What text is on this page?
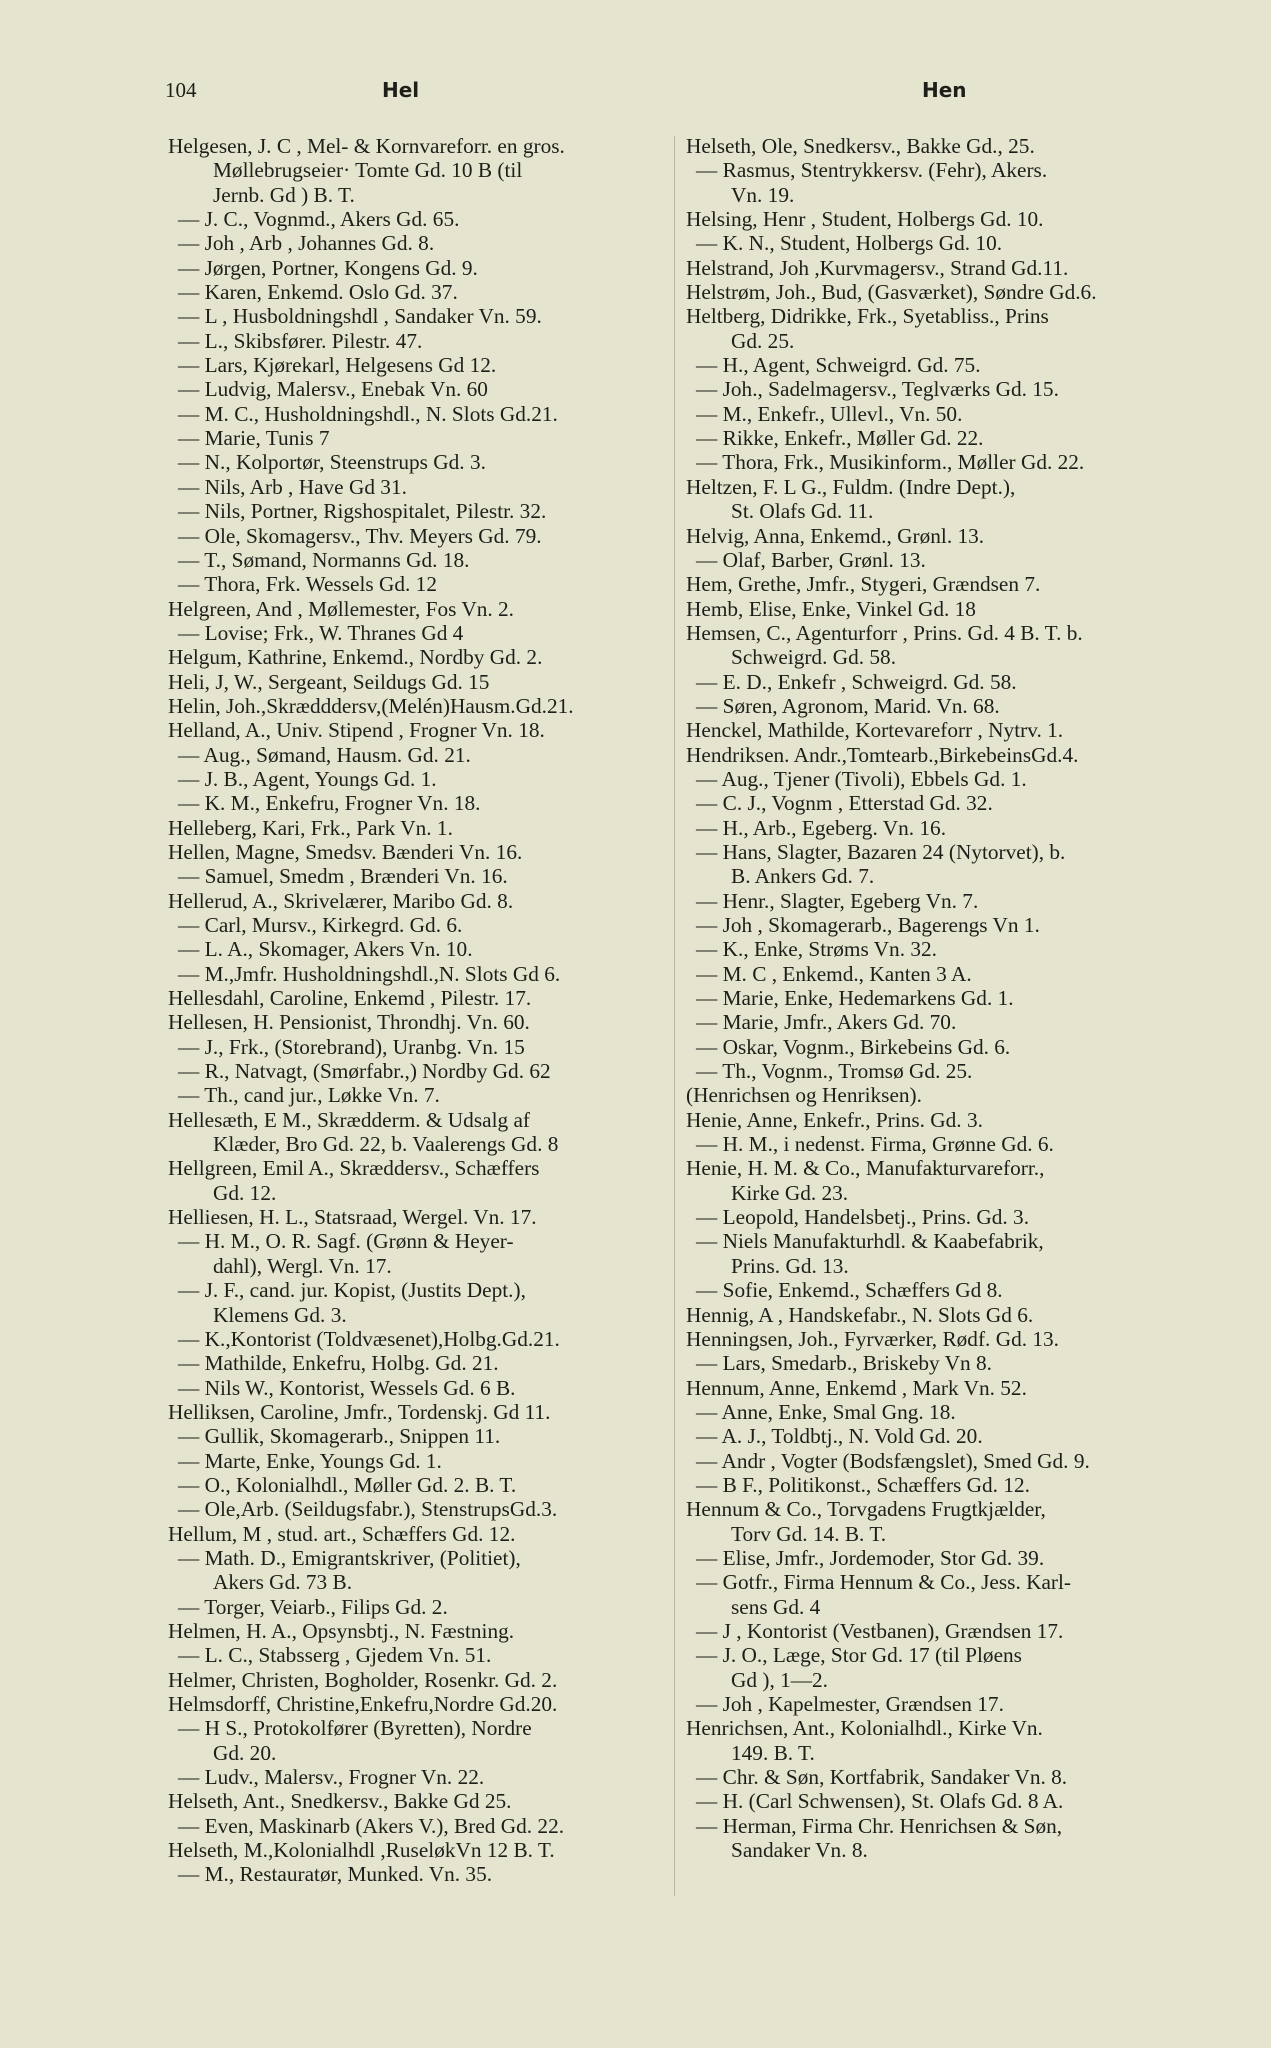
104	Hel	Hen
Helgesen, J. C , Mel- & Kornvareforr. en gros.
Møllebrugseier· Tomte Gd. 10 B (til
Jernb. Gd ) B. T.
— J. C., Vognmd., Akers Gd. 65.
— Joh , Arb , Johannes Gd. 8.
— Jørgen, Portner, Kongens Gd. 9.
— Karen, Enkemd. Oslo Gd. 37.
— L , Husboldningshdl , Sandaker Vn. 59.
— L., Skibsfører. Pilestr. 47.
— Lars, Kjørekarl, Helgesens Gd 12.
— Ludvig, Malersv., Enebak Vn. 60
— M. C., Husholdningshdl., N. Slots Gd.21.
— Marie, Tunis 7
— N., Kolportør, Steenstrups Gd. 3.
— Nils, Arb , Have Gd 31.
— Nils, Portner, Rigshospitalet, Pilestr. 32.
— Ole, Skomagersv., Thv. Meyers Gd. 79.
— T., Sømand, Normanns Gd. 18.
— Thora, Frk. Wessels Gd. 12
Helgreen, And , Møllemester, Fos Vn. 2.
— Lovise; Frk., W. Thranes Gd 4
Helgum, Kathrine, Enkemd., Nordby Gd. 2.
Heli, J, W., Sergeant, Seildugs Gd. 15
Helin, Joh.,Skrædddersv,(Melén)Hausm.Gd.21.
Helland, A., Univ. Stipend , Frogner Vn. 18.
— Aug., Sømand, Hausm. Gd. 21.
— J. B., Agent, Youngs Gd. 1.
— K. M., Enkefru, Frogner Vn. 18.
Helleberg, Kari, Frk., Park Vn. 1.
Hellen, Magne, Smedsv. Bænderi Vn. 16.
— Samuel, Smedm , Brænderi Vn. 16.
Hellerud, A., Skrivelærer, Maribo Gd. 8.
— Carl, Mursv., Kirkegrd. Gd. 6.
— L. A., Skomager, Akers Vn. 10.
— M.,Jmfr. Husholdningshdl.,N. Slots Gd 6.
Hellesdahl, Caroline, Enkemd , Pilestr. 17.
Hellesen, H. Pensionist, Throndhj. Vn. 60.
— J., Frk., (Storebrand), Uranbg. Vn. 15
— R., Natvagt, (Smørfabr.,) Nordby Gd. 62
— Th., cand jur., Løkke Vn. 7.
Hellesæth, E M., Skrædderm. & Udsalg af
Klæder, Bro Gd. 22, b. Vaalerengs Gd. 8
Hellgreen, Emil A., Skræddersv., Schæffers
Gd. 12.
Helliesen, H. L., Statsraad, Wergel. Vn. 17.
— H. M., O. R. Sagf. (Grønn & Heyer-
dahl), Wergl. Vn. 17.
— J. F., cand. jur. Kopist, (Justits Dept.),
Klemens Gd. 3.
— K.,Kontorist (Toldvæsenet),Holbg.Gd.21.
— Mathilde, Enkefru, Holbg. Gd. 21.
— Nils W., Kontorist, Wessels Gd. 6 B.
Helliksen, Caroline, Jmfr., Tordenskj. Gd 11.
— Gullik, Skomagerarb., Snippen 11.
— Marte, Enke, Youngs Gd. 1.
— O., Kolonialhdl., Møller Gd. 2. B. T.
— Ole,Arb. (Seildugsfabr.), StenstrupsGd.3.
Hellum, M , stud. art., Schæffers Gd. 12.
— Math. D., Emigrantskriver, (Politiet),
Akers Gd. 73 B.
— Torger, Veiarb., Filips Gd. 2.
Helmen, H. A., Opsynsbtj., N. Fæstning.
— L. C., Stabsserg , Gjedem Vn. 51.
Helmer, Christen, Bogholder, Rosenkr. Gd. 2.
Helmsdorff, Christine,Enkefru,Nordre Gd.20.
— H S., Protokolfører (Byretten), Nordre
Gd. 20.
— Ludv., Malersv., Frogner Vn. 22.
Helseth, Ant., Snedkersv., Bakke Gd 25.
— Even, Maskinarb (Akers V.), Bred Gd. 22.
Helseth, M.,Kolonialhdl ,RuseløkVn 12 B. T.
— M., Restauratør, Munked. Vn. 35.
Helseth, Ole, Snedkersv., Bakke Gd., 25.
— Rasmus, Stentrykkersv. (Fehr), Akers.
Vn. 19.
Helsing, Henr , Student, Holbergs Gd. 10.
— K. N., Student, Holbergs Gd. 10.
Helstrand, Joh ,Kurvmagersv., Strand Gd.11.
Helstrøm, Joh., Bud, (Gasværket), Søndre Gd.6.
Heltberg, Didrikke, Frk., Syetabliss., Prins
Gd. 25.
— H., Agent, Schweigrd. Gd. 75.
— Joh., Sadelmagersv., Teglværks Gd. 15.
— M., Enkefr., Ullevl., Vn. 50.
— Rikke, Enkefr., Møller Gd. 22.
— Thora, Frk., Musikinform., Møller Gd. 22.
Heltzen, F. L G., Fuldm. (Indre Dept.),
St. Olafs Gd. 11.
Helvig, Anna, Enkemd., Grønl. 13.
— Olaf, Barber, Grønl. 13.
Hem, Grethe, Jmfr., Stygeri, Grændsen 7.
Hemb, Elise, Enke, Vinkel Gd. 18
Hemsen, C., Agenturforr , Prins. Gd. 4 B. T. b.
Schweigrd. Gd. 58.
— E. D., Enkefr , Schweigrd. Gd. 58.
— Søren, Agronom, Marid. Vn. 68.
Henckel, Mathilde, Kortevareforr , Nytrv. 1.
Hendriksen. Andr.,Tomtearb.,BirkebeinsGd.4.
— Aug., Tjener (Tivoli), Ebbels Gd. 1.
— C. J., Vognm , Etterstad Gd. 32.
— H., Arb., Egeberg. Vn. 16.
— Hans, Slagter, Bazaren 24 (Nytorvet), b.
B. Ankers Gd. 7.
— Henr., Slagter, Egeberg Vn. 7.
— Joh , Skomagerarb., Bagerengs Vn 1.
— K., Enke, Strøms Vn. 32.
— M. C , Enkemd., Kanten 3 A.
— Marie, Enke, Hedemarkens Gd. 1.
— Marie, Jmfr., Akers Gd. 70.
— Oskar, Vognm., Birkebeins Gd. 6.
— Th., Vognm., Tromsø Gd. 25.
(Henrichsen og Henriksen).
Henie, Anne, Enkefr., Prins. Gd. 3.
— H. M., i nedenst. Firma, Grønne Gd. 6.
Henie, H. M. & Co., Manufakturvareforr.,
Kirke Gd. 23.
— Leopold, Handelsbetj., Prins. Gd. 3.
— Niels Manufakturhdl. & Kaabefabrik,
Prins. Gd. 13.
— Sofie, Enkemd., Schæffers Gd 8.
Hennig, A , Handskefabr., N. Slots Gd 6.
Henningsen, Joh., Fyrværker, Rødf. Gd. 13.
— Lars, Smedarb., Briskeby Vn 8.
Hennum, Anne, Enkemd , Mark Vn. 52.
— Anne, Enke, Smal Gng. 18.
— A. J., Toldbtj., N. Vold Gd. 20.
— Andr , Vogter (Bodsfængslet), Smed Gd. 9.
— B F., Politikonst., Schæffers Gd. 12.
Hennum & Co., Torvgadens Frugtkjælder,
Torv Gd. 14. B. T.
— Elise, Jmfr., Jordemoder, Stor Gd. 39.
— Gotfr., Firma Hennum & Co., Jess. Karl-
sens Gd. 4
— J , Kontorist (Vestbanen), Grændsen 17.
— J. O., Læge, Stor Gd. 17 (til Pløens
Gd ), 1—2.
— Joh , Kapelmester, Grændsen 17.
Henrichsen, Ant., Kolonialhdl., Kirke Vn.
149. B. T.
— Chr. & Søn, Kortfabrik, Sandaker Vn. 8.
— H. (Carl Schwensen), St. Olafs Gd. 8 A.
— Herman, Firma Chr. Henrichsen & Søn,
Sandaker Vn. 8.
